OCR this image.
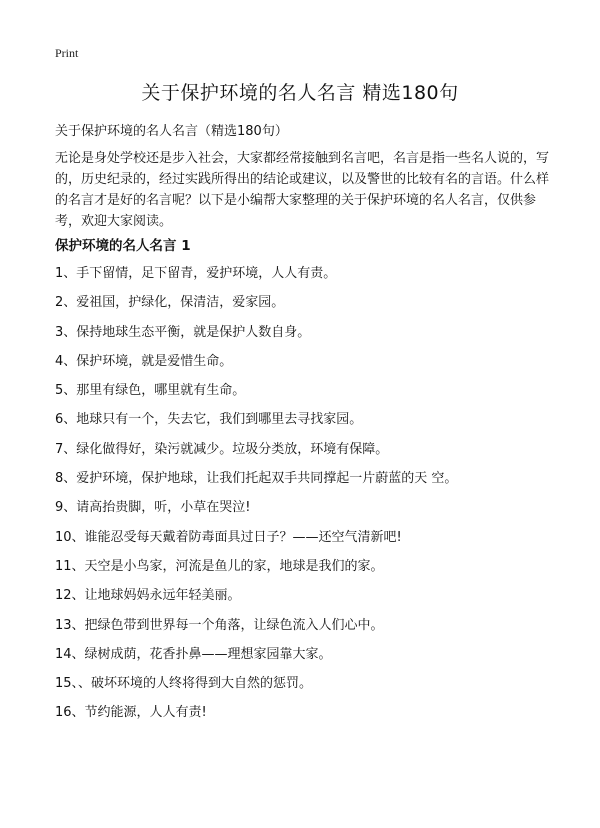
Print
关于保护环境的名人名言 精选180句

关于保护环境的名人名言（精选180句）

无论是身处学校还是步入社会，大家都经常接触到名言吧，名言是指一些名人说的，写的，历史纪录的，经过实践所得出的结论或建议，以及警世的比较有名的言语。什么样的名言才是好的名言呢？以下是小编帮大家整理的关于保护环境的名人名言，仅供参考，欢迎大家阅读。

保护环境的名人名言 1
1、手下留情，足下留青，爱护环境，人人有责。
2、爱祖国，护绿化，保清洁，爱家园。
3、保持地球生态平衡，就是保护人数自身。
4、保护环境，就是爱惜生命。
5、那里有绿色，哪里就有生命。
6、地球只有一个，失去它，我们到哪里去寻找家园。
7、绿化做得好，染污就减少。垃圾分类放，环境有保障。
8、爱护环境，保护地球，让我们托起双手共同撑起一片蔚蓝的天 空。
9、请高抬贵脚，听，小草在哭泣!
10、谁能忍受每天戴着防毒面具过日子？——还空气清新吧!
11、天空是小鸟家，河流是鱼儿的家，地球是我们的家。
12、让地球妈妈永远年轻美丽。
13、把绿色带到世界每一个角落，让绿色流入人们心中。
14、绿树成荫，花香扑鼻——理想家园靠大家。
15、、破坏环境的人终将得到大自然的惩罚。
16、节约能源，人人有责!
